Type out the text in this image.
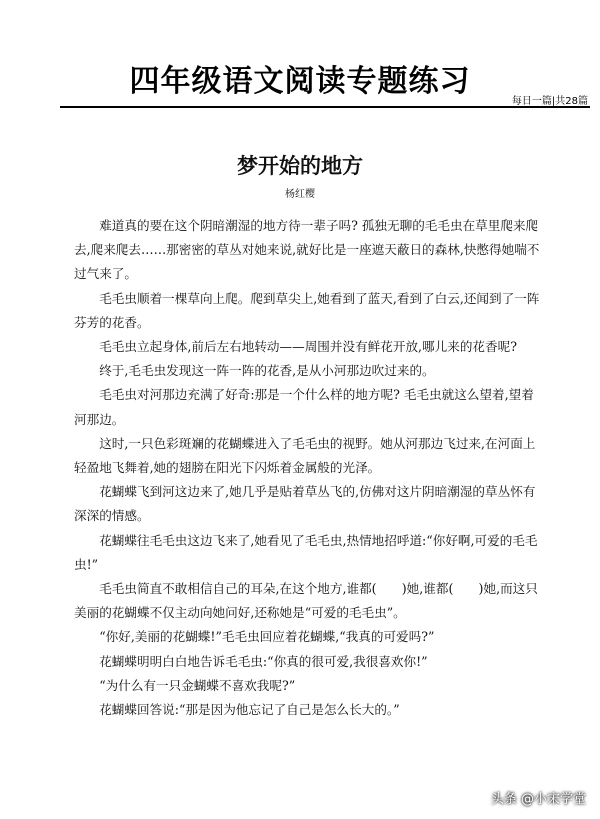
四年级语文阅读专题练习
每日一篇|共28篇
梦开始的地方
杨红樱

难道真的要在这个阴暗潮湿的地方待一辈子吗? 孤独无聊的毛毛虫在草里爬来爬去,爬来爬去……那密密的草丛对她来说,就好比是一座遮天蔽日的森林,快憋得她喘不过气来了。

毛毛虫顺着一棵草向上爬。爬到草尖上,她看到了蓝天,看到了白云,还闻到了一阵芬芳的花香。

毛毛虫立起身体,前后左右地转动——周围并没有鲜花开放,哪儿来的花香呢?

终于,毛毛虫发现这一阵一阵的花香,是从小河那边吹过来的。

毛毛虫对河那边充满了好奇:那是一个什么样的地方呢? 毛毛虫就这么望着,望着河那边。

这时,一只色彩斑斓的花蝴蝶进入了毛毛虫的视野。她从河那边飞过来,在河面上轻盈地飞舞着,她的翅膀在阳光下闪烁着金属般的光泽。

花蝴蝶飞到河这边来了,她几乎是贴着草丛飞的,仿佛对这片阴暗潮湿的草丛怀有深深的情感。

花蝴蝶往毛毛虫这边飞来了,她看见了毛毛虫,热情地招呼道:“你好啊,可爱的毛毛虫!”

毛毛虫简直不敢相信自己的耳朵,在这个地方,谁都(　　)她,谁都(　　)她,而这只美丽的花蝴蝶不仅主动向她问好,还称她是“可爱的毛毛虫”。

“你好,美丽的花蝴蝶!”毛毛虫回应着花蝴蝶,“我真的可爱吗?”

花蝴蝶明明白白地告诉毛毛虫:“你真的很可爱,我很喜欢你!”

“为什么有一只金蝴蝶不喜欢我呢?”

花蝴蝶回答说:“那是因为他忘记了自己是怎么长大的。”

头条 @小宋学堂
